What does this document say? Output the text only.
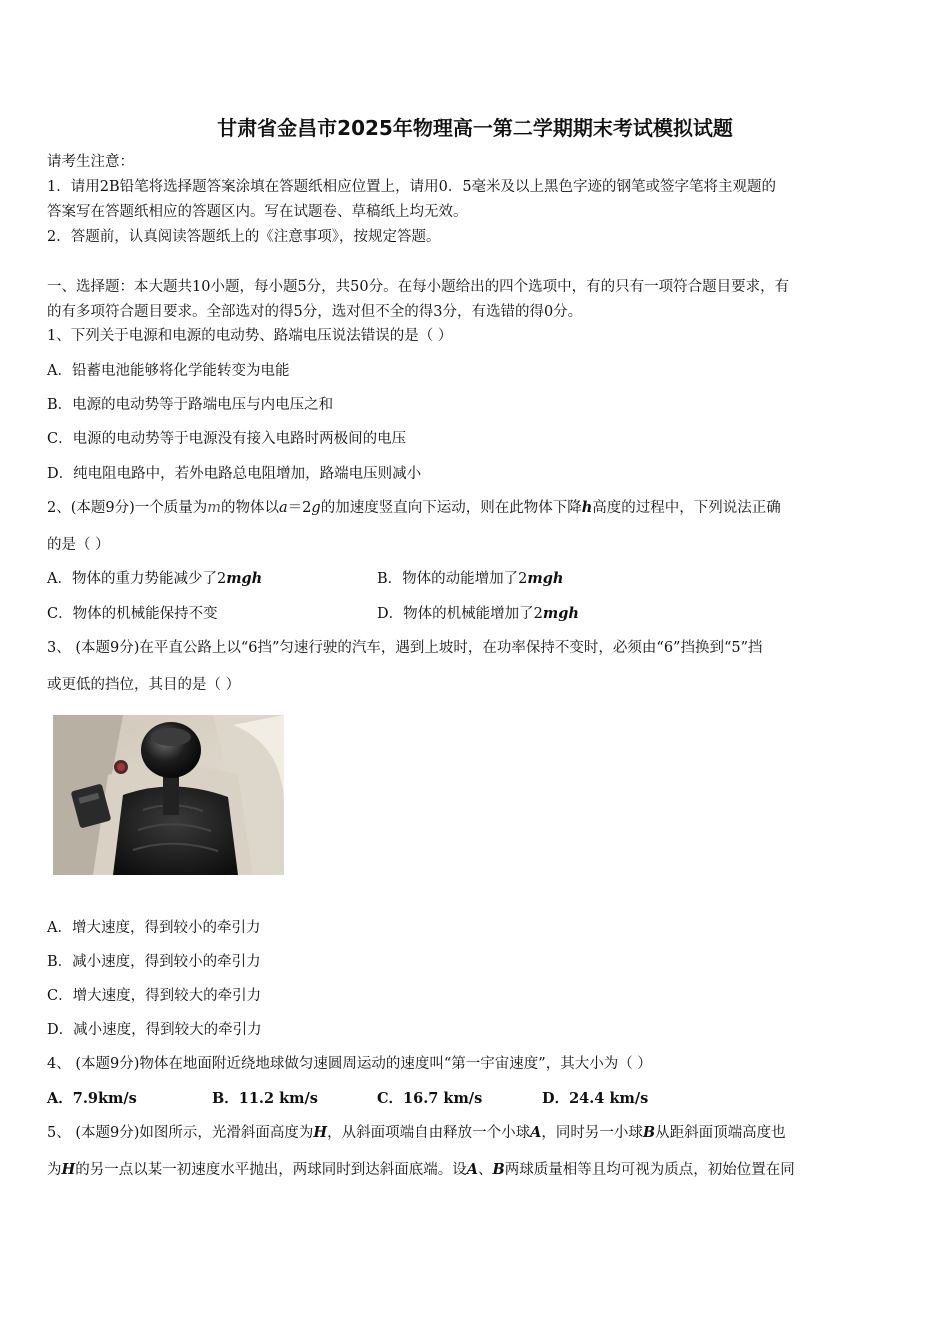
甘肃省金昌市2025年物理高一第二学期期末考试模拟试题
请考生注意：
1．请用2B铅笔将选择题答案涂填在答题纸相应位置上，请用0．5毫米及以上黑色字迹的钢笔或签字笔将主观题的
答案写在答题纸相应的答题区内。写在试题卷、草稿纸上均无效。
2．答题前，认真阅读答题纸上的《注意事项》，按规定答题。
一、选择题：本大题共10小题，每小题5分，共50分。在每小题给出的四个选项中，有的只有一项符合题目要求，有
的有多项符合题目要求。全部选对的得5分，选对但不全的得3分，有选错的得0分。
1、下列关于电源和电源的电动势、路端电压说法错误的是（ ）
A．铅蓄电池能够将化学能转变为电能
B．电源的电动势等于路端电压与内电压之和
C．电源的电动势等于电源没有接入电路时两极间的电压
D．纯电阻电路中，若外电路总电阻增加，路端电压则减小
2、(本题9分)一个质量为m的物体以a＝2g的加速度竖直向下运动，则在此物体下降h高度的过程中，下列说法正确
的是（ ）
A．物体的重力势能减少了2mgh	B．物体的动能增加了2mgh
C．物体的机械能保持不变	D．物体的机械能增加了2mgh
3、 (本题9分)在平直公路上以“6挡”匀速行驶的汽车，遇到上坡时，在功率保持不变时，必须由“6”挡换到“5”挡
或更低的挡位，其目的是（ ）
A．增大速度，得到较小的牵引力
B．减小速度，得到较小的牵引力
C．增大速度，得到较大的牵引力
D．减小速度，得到较大的牵引力
4、 (本题9分)物体在地面附近绕地球做匀速圆周运动的速度叫“第一宇宙速度”，其大小为（ ）
A．7.9km/s	B．11.2 km/s	C．16.7 km/s	D．24.4 km/s
5、 (本题9分)如图所示，光滑斜面高度为H，从斜面项端自由释放一个小球A，同时另一小球B从距斜面顶端高度也
为H的另一点以某一初速度水平抛出，两球同时到达斜面底端。设A、B两球质量相等且均可视为质点，初始位置在同
